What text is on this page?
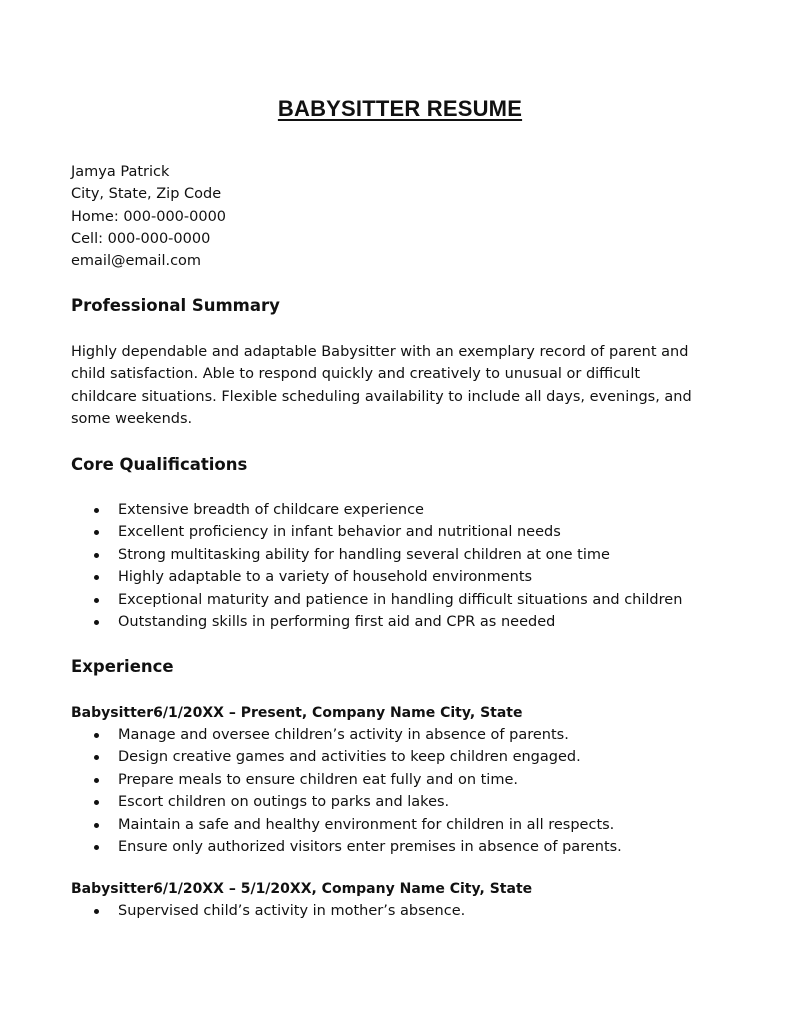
BABYSITTER RESUME
Jamya Patrick
City, State, Zip Code
Home: 000-000-0000
Cell: 000-000-0000
email@email.com
Professional Summary
Highly dependable and adaptable Babysitter with an exemplary record of parent and
child satisfaction. Able to respond quickly and creatively to unusual or difficult
childcare situations. Flexible scheduling availability to include all days, evenings, and
some weekends.
Core Qualifications
Extensive breadth of childcare experience
Excellent proficiency in infant behavior and nutritional needs
Strong multitasking ability for handling several children at one time
Highly adaptable to a variety of household environments
Exceptional maturity and patience in handling difficult situations and children
Outstanding skills in performing first aid and CPR as needed
Experience
Babysitter6/1/20XX – Present, Company Name City, State
Manage and oversee children’s activity in absence of parents.
Design creative games and activities to keep children engaged.
Prepare meals to ensure children eat fully and on time.
Escort children on outings to parks and lakes.
Maintain a safe and healthy environment for children in all respects.
Ensure only authorized visitors enter premises in absence of parents.
Babysitter6/1/20XX – 5/1/20XX, Company Name City, State
Supervised child’s activity in mother’s absence.
